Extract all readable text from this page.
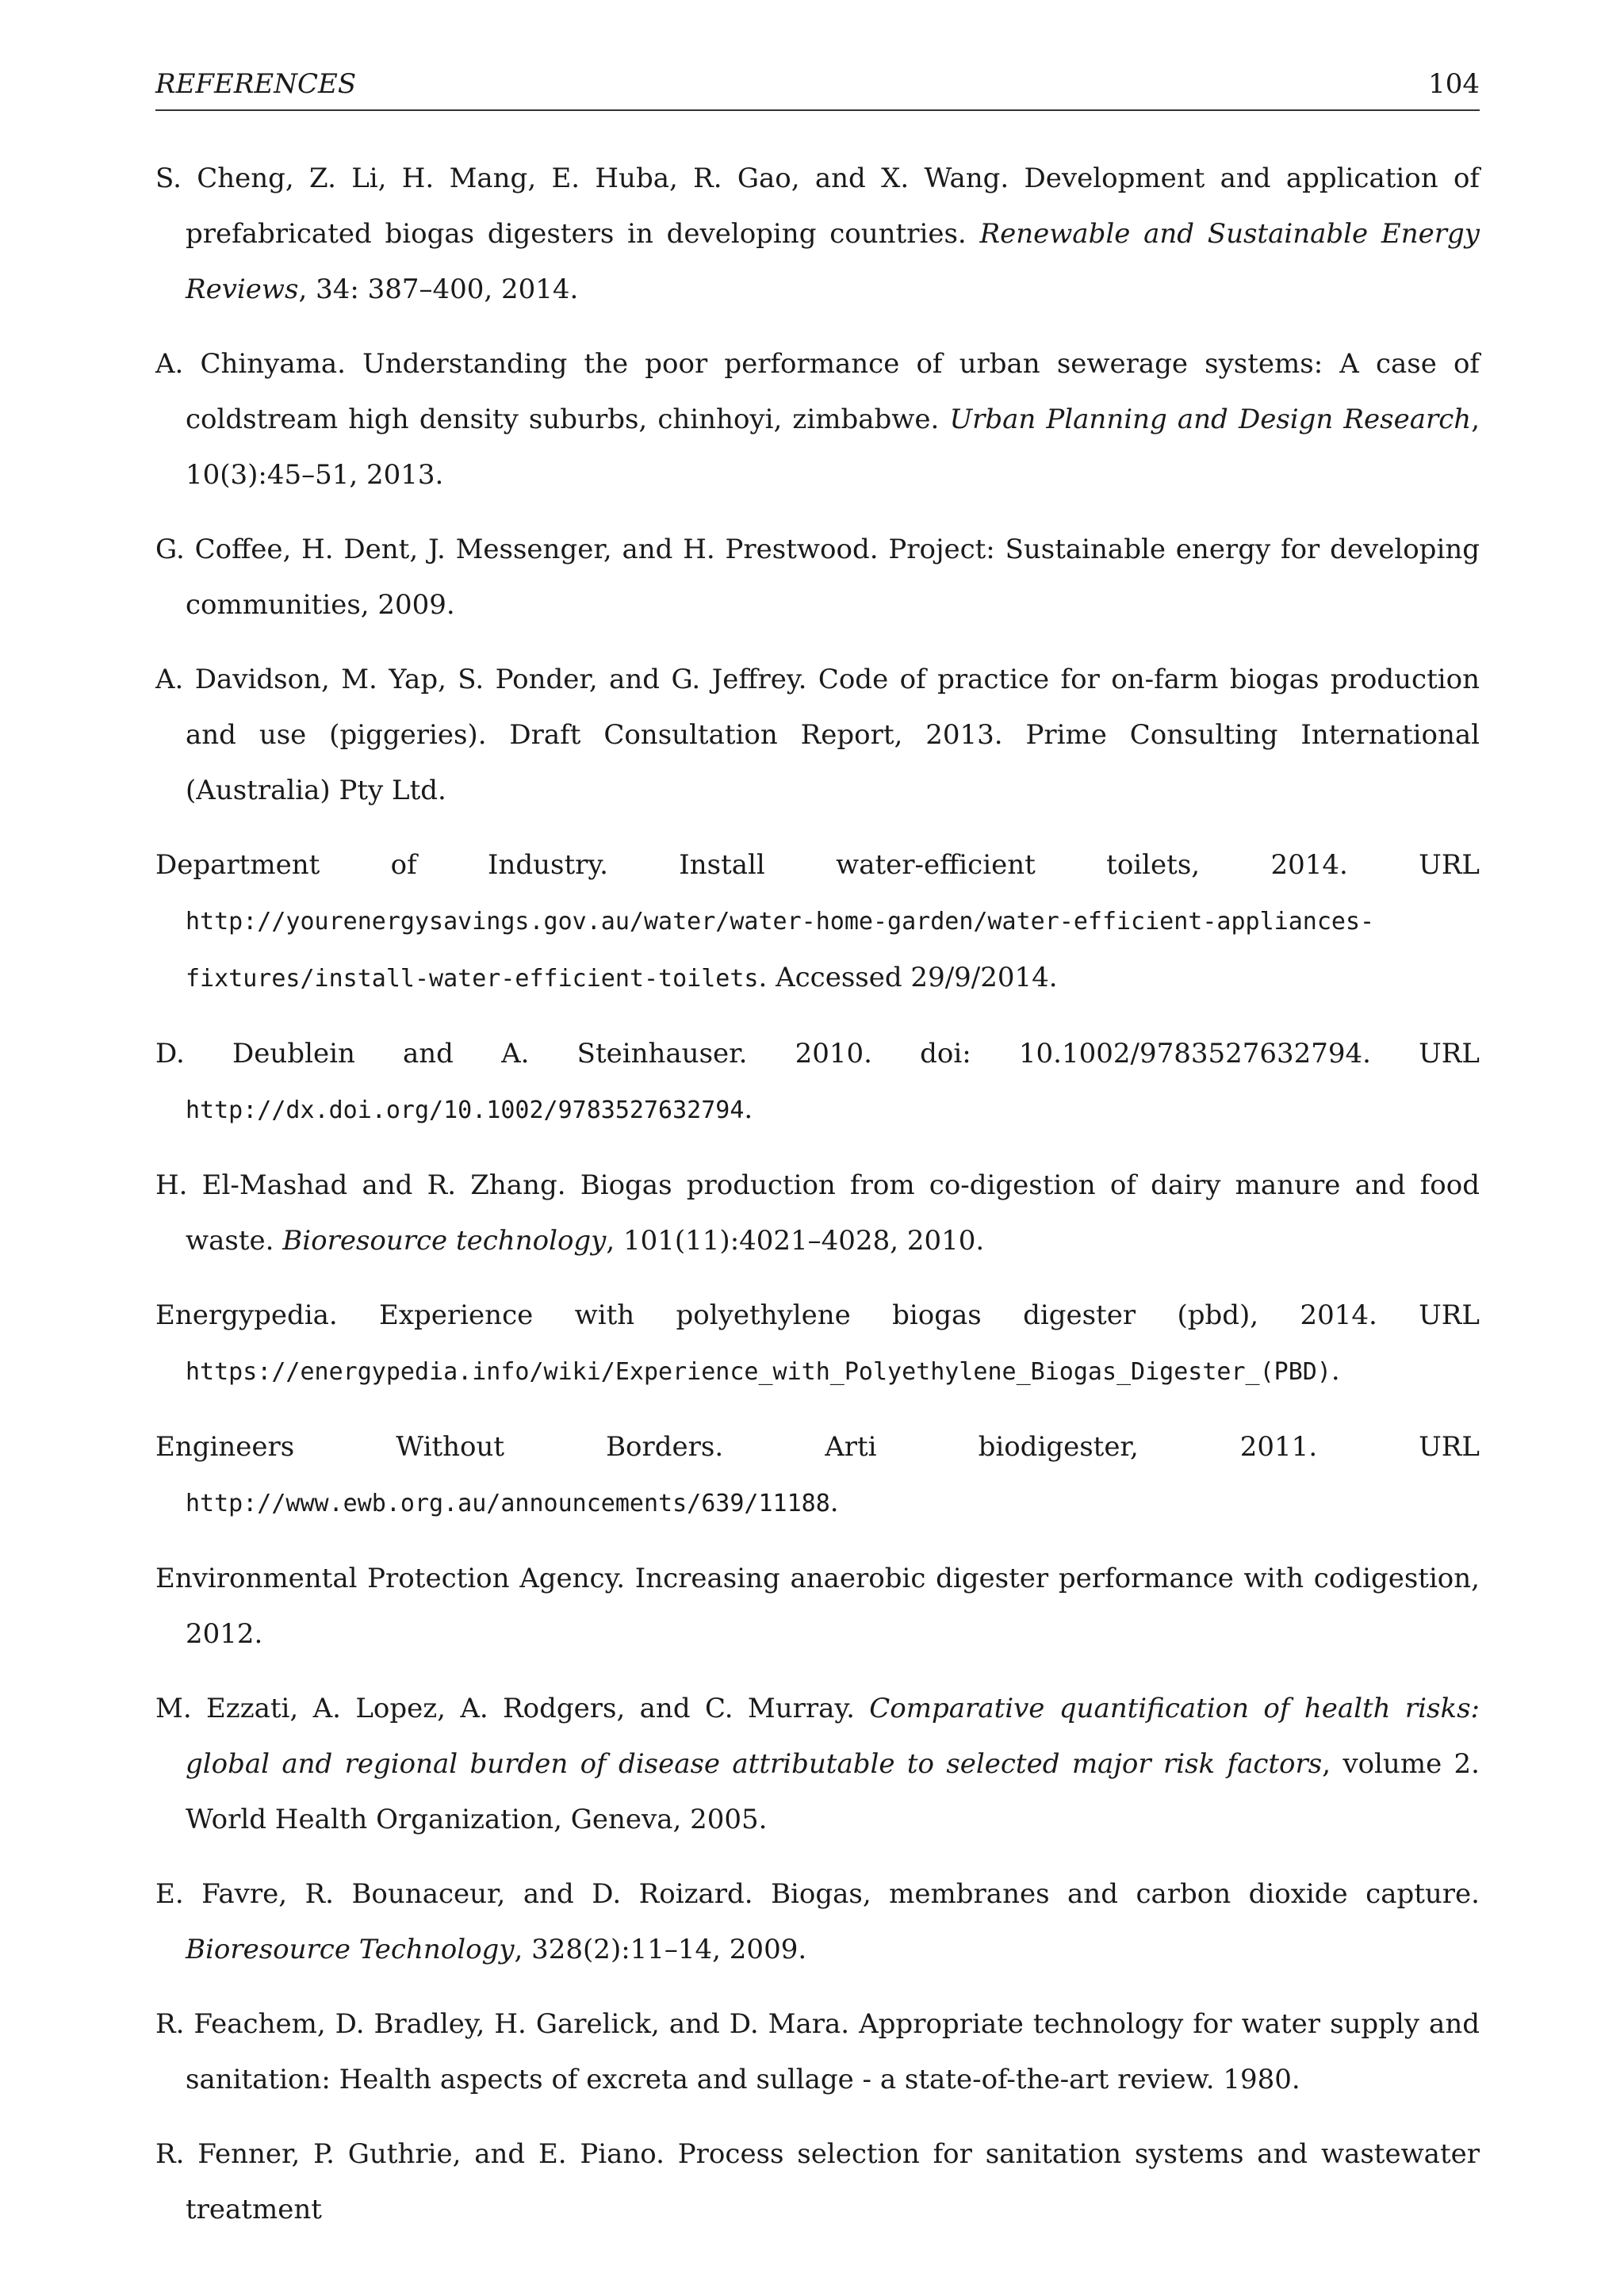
REFERENCES	104
S. Cheng, Z. Li, H. Mang, E. Huba, R. Gao, and X. Wang. Development and application of prefabricated biogas digesters in developing countries. Renewable and Sustainable Energy Reviews, 34: 387–400, 2014.
A. Chinyama. Understanding the poor performance of urban sewerage systems: A case of coldstream high density suburbs, chinhoyi, zimbabwe. Urban Planning and Design Research, 10(3):45–51, 2013.
G. Coffee, H. Dent, J. Messenger, and H. Prestwood. Project: Sustainable energy for developing communities, 2009.
A. Davidson, M. Yap, S. Ponder, and G. Jeffrey. Code of practice for on-farm biogas production and use (piggeries). Draft Consultation Report, 2013. Prime Consulting International (Australia) Pty Ltd.
Department of Industry. Install water-efficient toilets, 2014. URL http://yourenergysavings.gov.au/water/water-home-garden/water-efficient-appliances-fixtures/install-water-efficient-toilets. Accessed 29/9/2014.
D. Deublein and A. Steinhauser. 2010. doi: 10.1002/9783527632794. URL http://dx.doi.org/10.1002/9783527632794.
H. El-Mashad and R. Zhang. Biogas production from co-digestion of dairy manure and food waste. Bioresource technology, 101(11):4021–4028, 2010.
Energypedia. Experience with polyethylene biogas digester (pbd), 2014. URL https://energypedia.info/wiki/Experience_with_Polyethylene_Biogas_Digester_(PBD).
Engineers Without Borders. Arti biodigester, 2011. URL http://www.ewb.org.au/announcements/639/11188.
Environmental Protection Agency. Increasing anaerobic digester performance with codigestion, 2012.
M. Ezzati, A. Lopez, A. Rodgers, and C. Murray. Comparative quantification of health risks: global and regional burden of disease attributable to selected major risk factors, volume 2. World Health Organization, Geneva, 2005.
E. Favre, R. Bounaceur, and D. Roizard. Biogas, membranes and carbon dioxide capture. Bioresource Technology, 328(2):11–14, 2009.
R. Feachem, D. Bradley, H. Garelick, and D. Mara. Appropriate technology for water supply and sanitation: Health aspects of excreta and sullage - a state-of-the-art review. 1980.
R. Fenner, P. Guthrie, and E. Piano. Process selection for sanitation systems and wastewater treatment
